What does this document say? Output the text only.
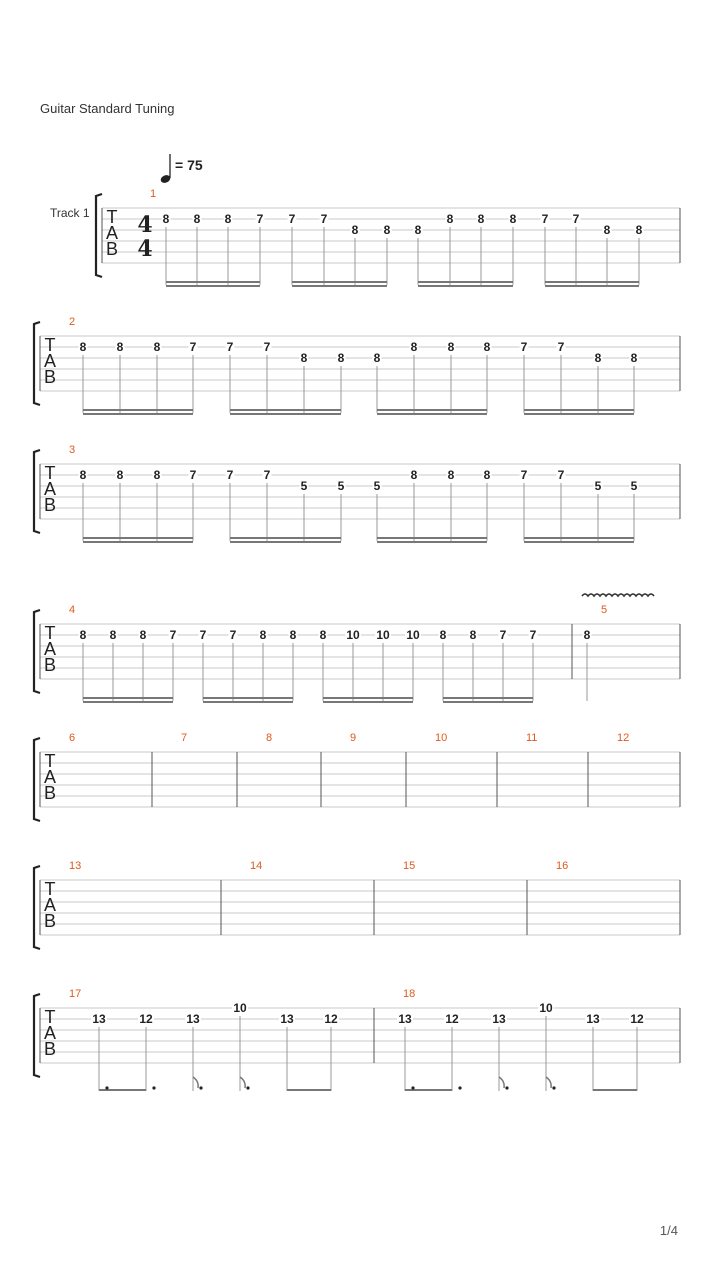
Guitar Standard Tuning
Track 1
= 75
T
A
B
4
4
1
8 8 8 7 7 7
8 8 8
8 8 8 7 7
8 8
T
A
B
2
8	8	8 7	7	7
8	8 8
8	8 8	7	7
8 8
T
A
B
3
8	8	8 7	7	7
5	5 5
8	8 8	7	7
5 5
T
A
B
4
8 8 8 7 7 7 8 8 8 10 10 10 8 8 7 7
5
8
T
A
B
6	7	8	9	10	11	12
T
A
B
13	14	15	16
T
A
B
17
13	12	13
10
13	12
18
13	12	13
10
13	12
1/4
